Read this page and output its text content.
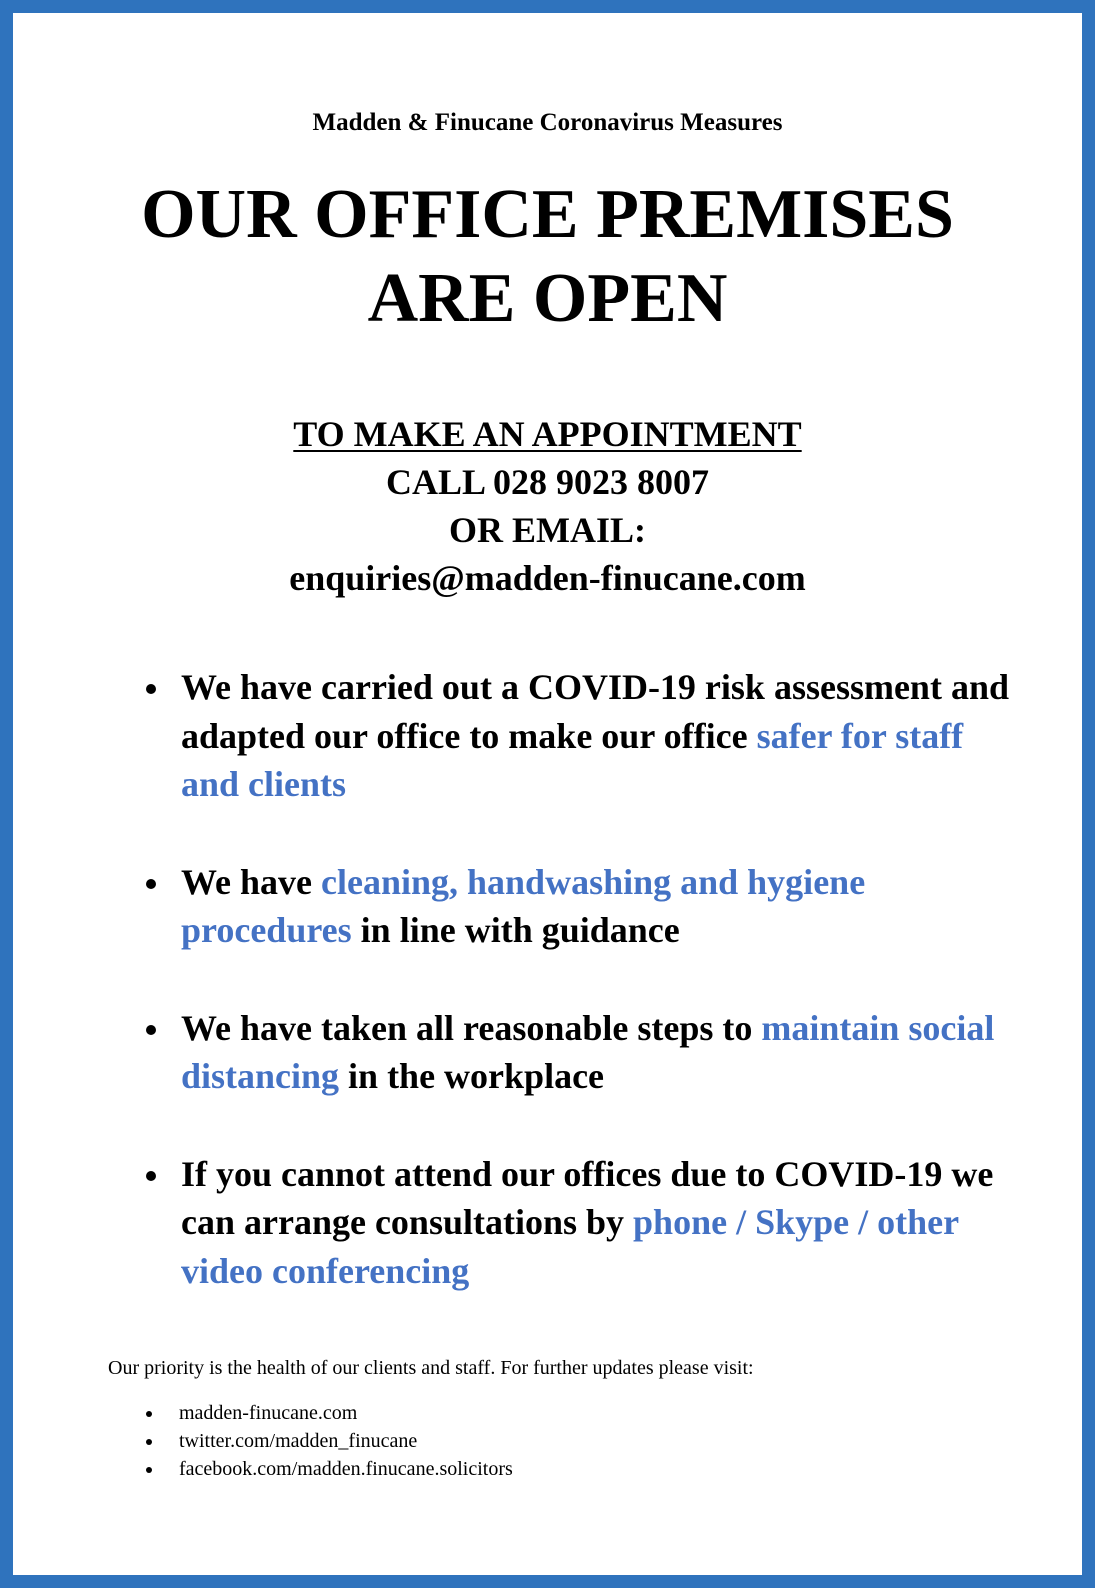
Madden & Finucane Coronavirus Measures

OUR OFFICE PREMISES
ARE OPEN
TO MAKE AN APPOINTMENT
CALL 028 9023 8007
OR EMAIL:
enquiries@madden-finucane.com
We have carried out a COVID-19 risk assessment and adapted our office to make our office safer for staff and clients
We have cleaning, handwashing and hygiene procedures in line with guidance
We have taken all reasonable steps to maintain social distancing in the workplace
If you cannot attend our offices due to COVID-19 we can arrange consultations by phone / Skype / other video conferencing

Our priority is the health of our clients and staff. For further updates please visit:

madden-finucane.com
twitter.com/madden_finucane
facebook.com/madden.finucane.solicitors
